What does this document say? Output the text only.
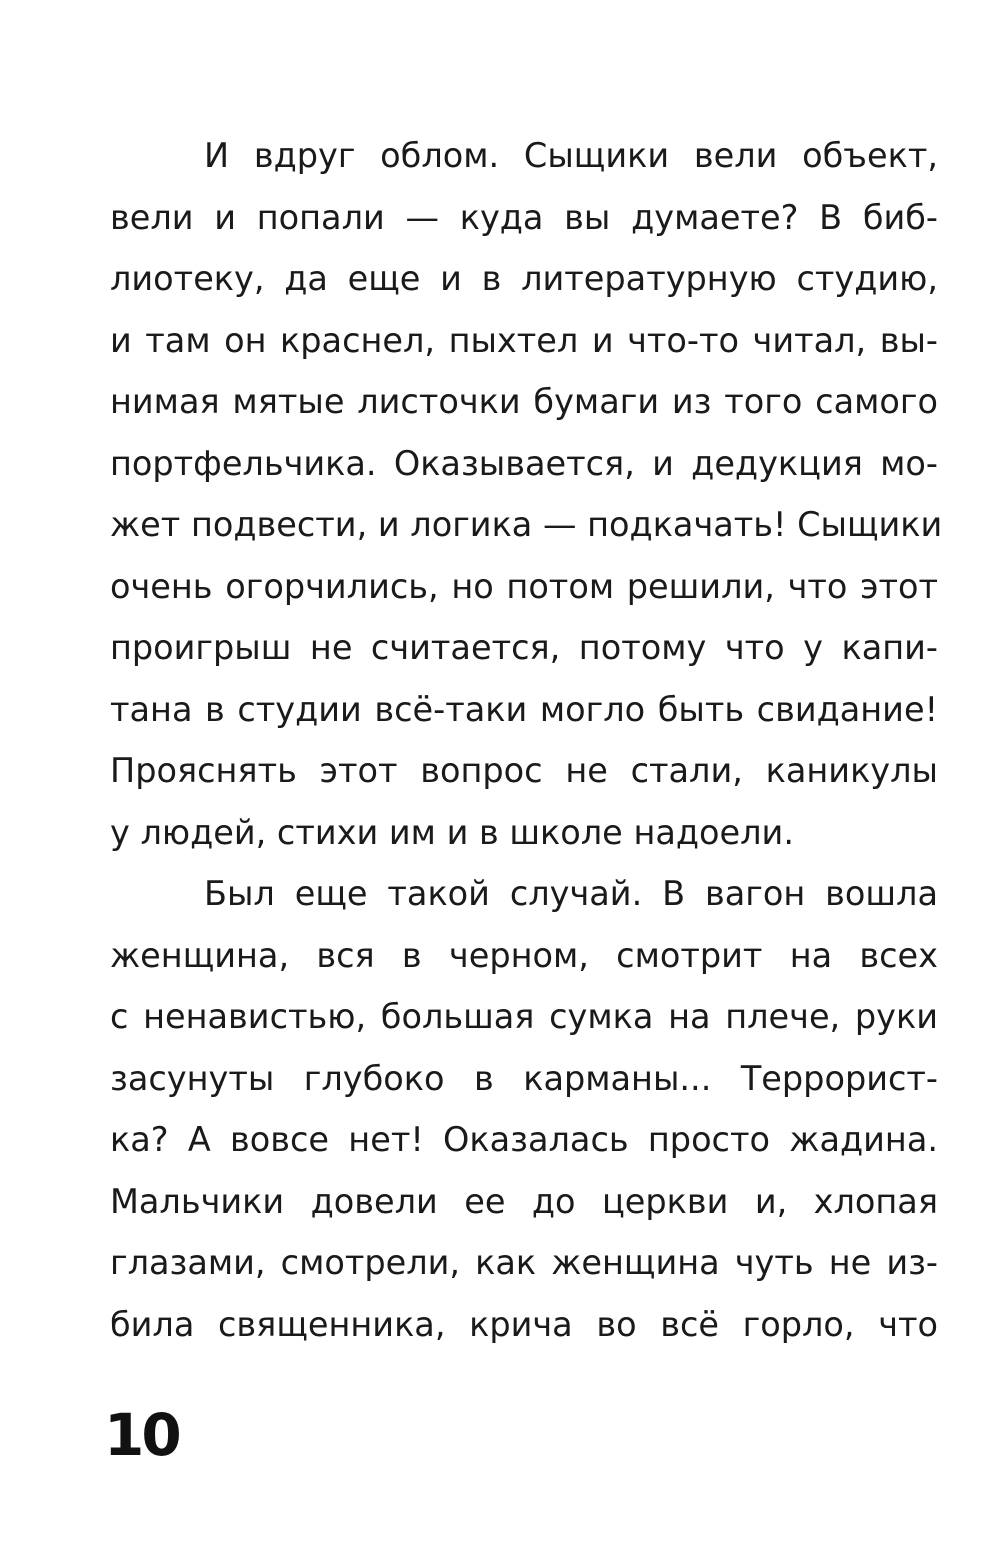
И вдруг облом. Сыщики вели объект,
вели и попали — куда вы думаете? В биб-
лиотеку, да еще и в литературную студию,
и там он краснел, пыхтел и что-то читал, вы-
нимая мятые листочки бумаги из того самого
портфельчика. Оказывается, и дедукция мо-
жет подвести, и логика — подкачать! Сыщики
очень огорчились, но потом решили, что этот
проигрыш не считается, потому что у капи-
тана в студии всё-таки могло быть свидание!
Прояснять этот вопрос не стали, каникулы
у людей, стихи им и в школе надоели.
Был еще такой случай. В вагон вошла
женщина, вся в черном, смотрит на всех
с ненавистью, большая сумка на плече, руки
засунуты глубоко в карманы... Террорист-
ка? А вовсе нет! Оказалась просто жадина.
Мальчики довели ее до церкви и, хлопая
глазами, смотрели, как женщина чуть не из-
била священника, крича во всё горло, что
10
